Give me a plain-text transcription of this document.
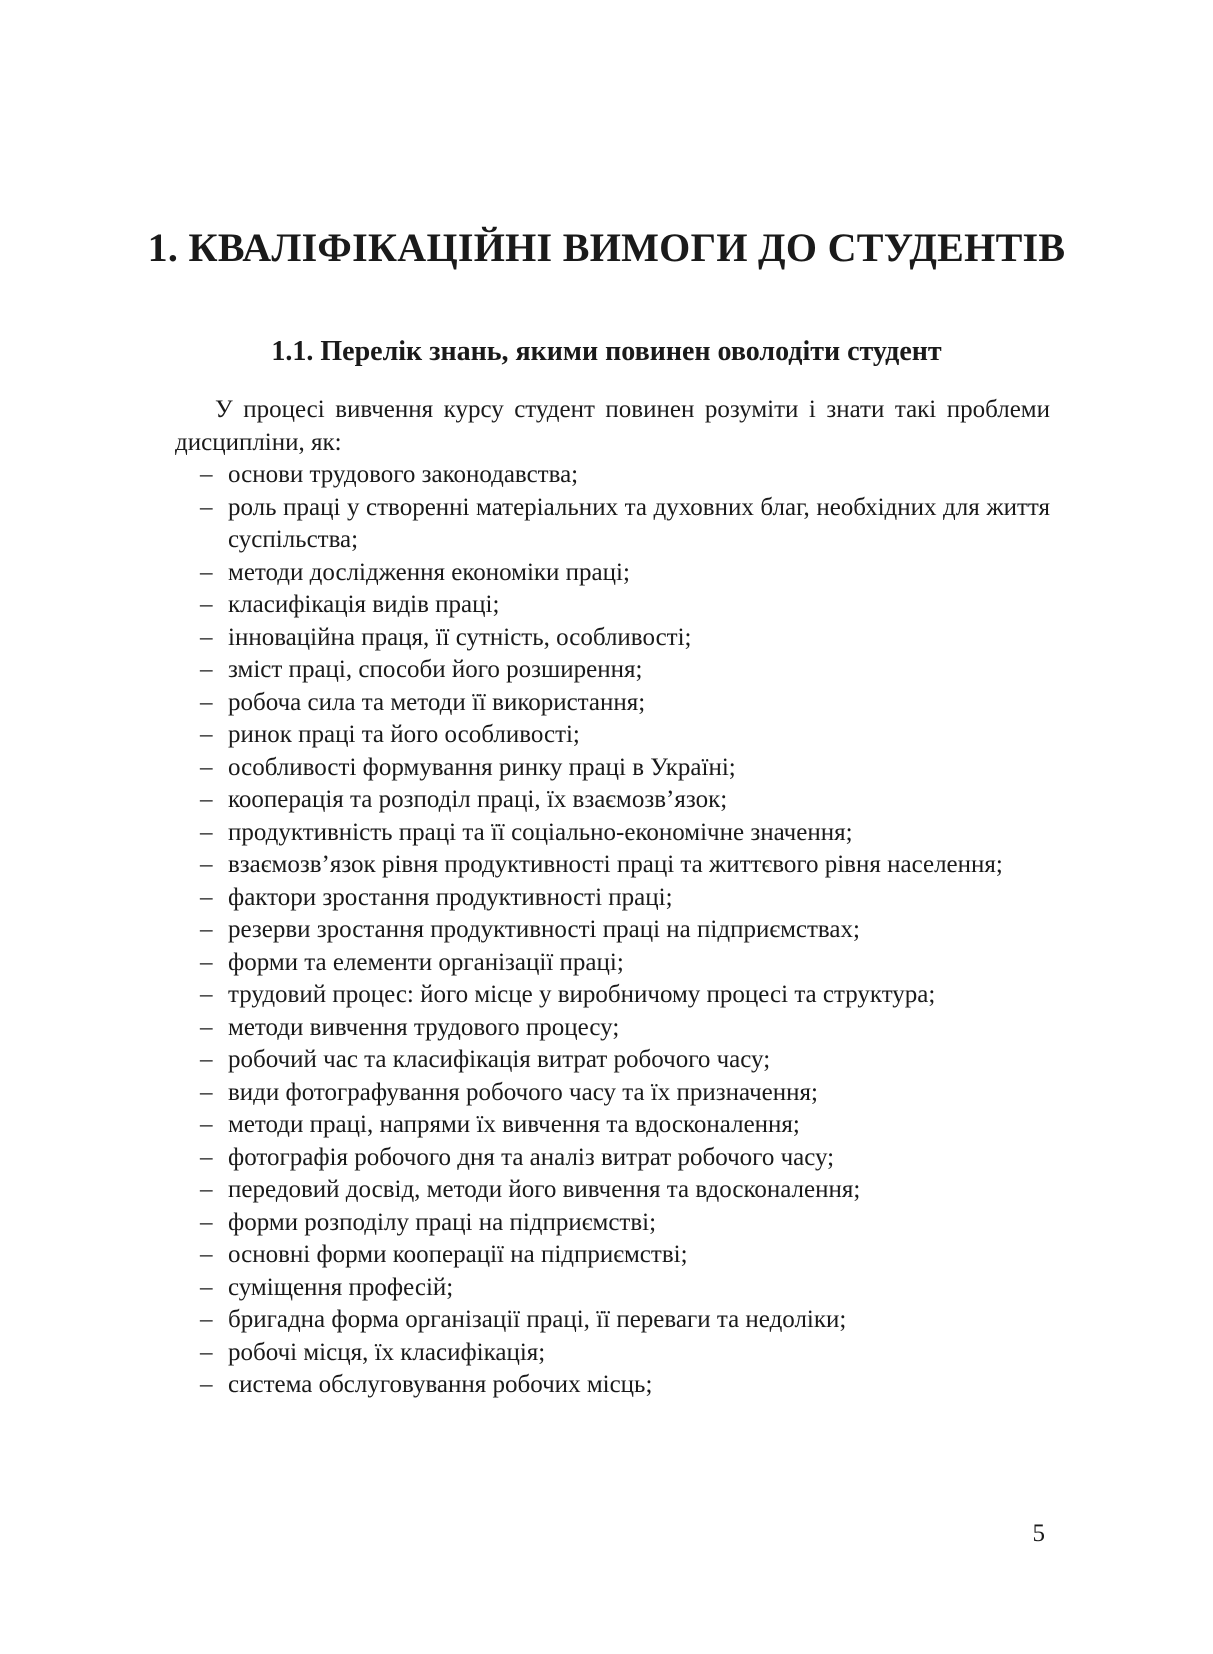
1. КВАЛІФІКАЦІЙНІ ВИМОГИ ДО СТУДЕНТІВ
1.1. Перелік знань, якими повинен оволодіти студент

У процесі вивчення курсу студент повинен розуміти і знати такі проблеми дисципліни, як:

– основи трудового законодавства;
– роль праці у створенні матеріальних та духовних благ, необхідних для життя суспільства;
– методи дослідження економіки праці;
– класифікація видів праці;
– інноваційна праця, її сутність, особливості;
– зміст праці, способи його розширення;
– робоча сила та методи її використання;
– ринок праці та його особливості;
– особливості формування ринку праці в Україні;
– кооперація та розподіл праці, їх взаємозв’язок;
– продуктивність праці та її соціально-економічне значення;
– взаємозв’язок рівня продуктивності праці та життєвого рівня населення;
– фактори зростання продуктивності праці;
– резерви зростання продуктивності праці на підприємствах;
– форми та елементи організації праці;
– трудовий процес: його місце у виробничому процесі та структура;
– методи вивчення трудового процесу;
– робочий час та класифікація витрат робочого часу;
– види фотографування робочого часу та їх призначення;
– методи праці, напрями їх вивчення та вдосконалення;
– фотографія робочого дня та аналіз витрат робочого часу;
– передовий досвід, методи його вивчення та вдосконалення;
– форми розподілу праці на підприємстві;
– основні форми кооперації на підприємстві;
– суміщення професій;
– бригадна форма організації праці, її переваги та недоліки;
– робочі місця, їх класифікація;
– система обслуговування робочих місць;
5
